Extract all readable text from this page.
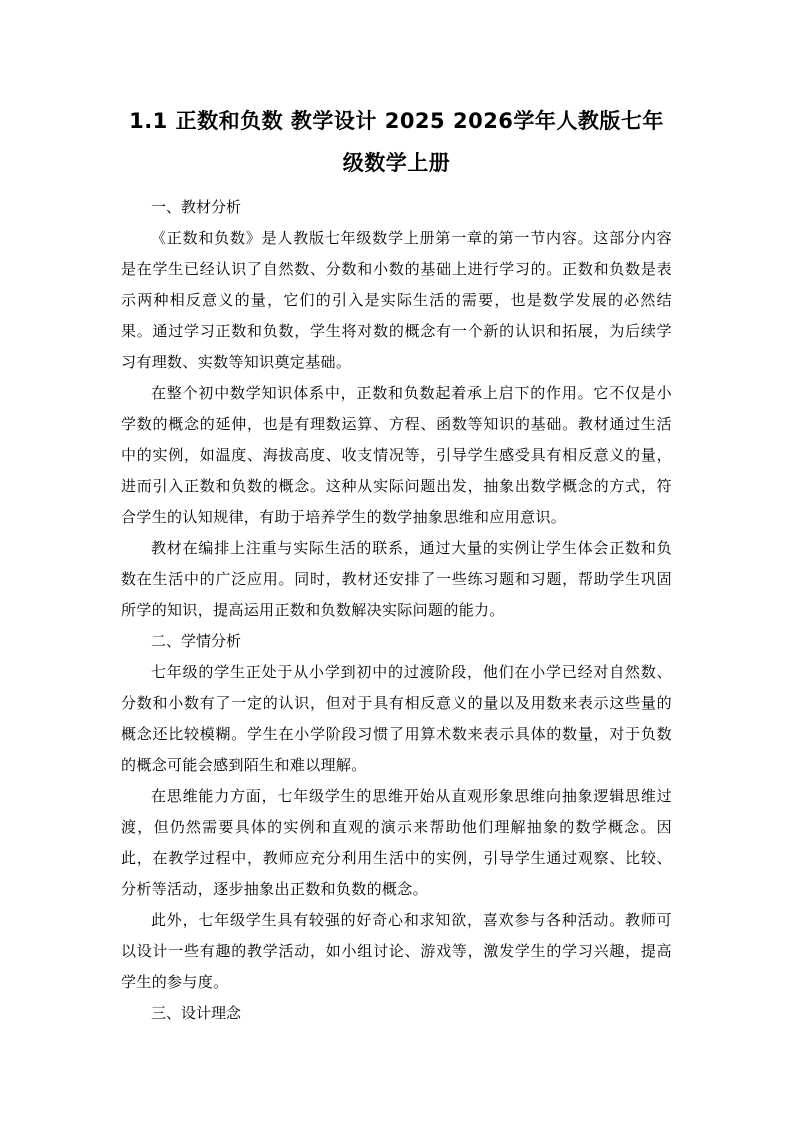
1.1 正数和负数 教学设计 2025 2026学年人教版七年级数学上册

一、教材分析

《正数和负数》是人教版七年级数学上册第一章的第一节内容。这部分内容是在学生已经认识了自然数、分数和小数的基础上进行学习的。正数和负数是表示两种相反意义的量，它们的引入是实际生活的需要，也是数学发展的必然结果。通过学习正数和负数，学生将对数的概念有一个新的认识和拓展，为后续学习有理数、实数等知识奠定基础。

在整个初中数学知识体系中，正数和负数起着承上启下的作用。它不仅是小学数的概念的延伸，也是有理数运算、方程、函数等知识的基础。教材通过生活中的实例，如温度、海拔高度、收支情况等，引导学生感受具有相反意义的量，进而引入正数和负数的概念。这种从实际问题出发，抽象出数学概念的方式，符合学生的认知规律，有助于培养学生的数学抽象思维和应用意识。

教材在编排上注重与实际生活的联系，通过大量的实例让学生体会正数和负数在生活中的广泛应用。同时，教材还安排了一些练习题和习题，帮助学生巩固所学的知识，提高运用正数和负数解决实际问题的能力。

二、学情分析

七年级的学生正处于从小学到初中的过渡阶段，他们在小学已经对自然数、分数和小数有了一定的认识，但对于具有相反意义的量以及用数来表示这些量的概念还比较模糊。学生在小学阶段习惯了用算术数来表示具体的数量，对于负数的概念可能会感到陌生和难以理解。

在思维能力方面，七年级学生的思维开始从直观形象思维向抽象逻辑思维过渡，但仍然需要具体的实例和直观的演示来帮助他们理解抽象的数学概念。因此，在教学过程中，教师应充分利用生活中的实例，引导学生通过观察、比较、分析等活动，逐步抽象出正数和负数的概念。

此外，七年级学生具有较强的好奇心和求知欲，喜欢参与各种活动。教师可以设计一些有趣的教学活动，如小组讨论、游戏等，激发学生的学习兴趣，提高学生的参与度。

三、设计理念
